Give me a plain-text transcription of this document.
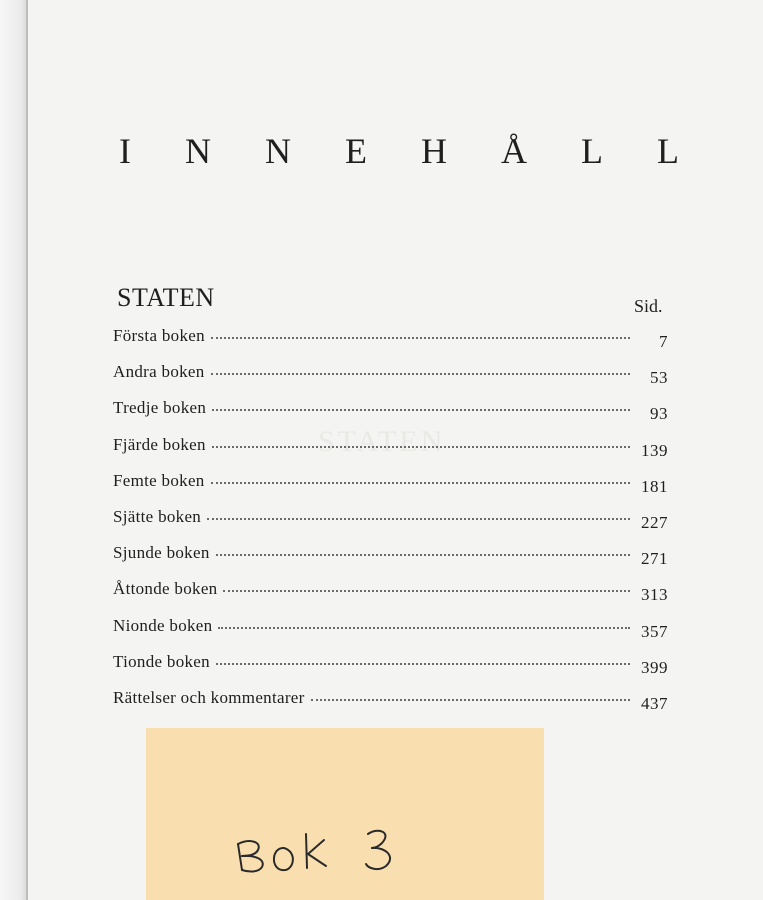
I N N E H Å L L
STATEN
STATEN	Sid.
Första boken	7
Andra boken	53
Tredje boken	93
Fjärde boken	139
Femte boken	181
Sjätte boken	227
Sjunde boken	271
Åttonde boken	313
Nionde boken	357
Tionde boken	399
Rättelser och kommentarer	437
